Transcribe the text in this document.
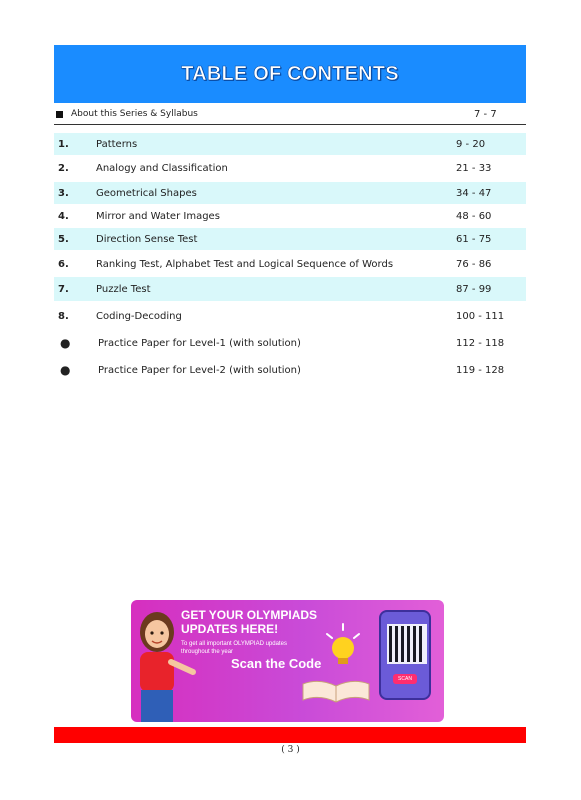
TABLE OF CONTENTS
About this Series & Syllabus	7 - 7
1.	Patterns	9 - 20
2.	Analogy and Classification	21 - 33
3.	Geometrical Shapes	34 - 47
4.	Mirror and Water Images	48 - 60
5.	Direction Sense Test	61 - 75
6.	Ranking Test, Alphabet Test and Logical Sequence of Words	76 - 86
7.	Puzzle Test	87 - 99
8.	Coding-Decoding	100 - 111
●	Practice Paper for Level-1 (with solution)	112 - 118
●	Practice Paper for Level-2 (with solution)	119 - 128
GET YOUR OLYMPIADS
UPDATES HERE!
To get all important OLYMPIAD updates throughout the year
Scan the Code
SCAN
( 3 )
